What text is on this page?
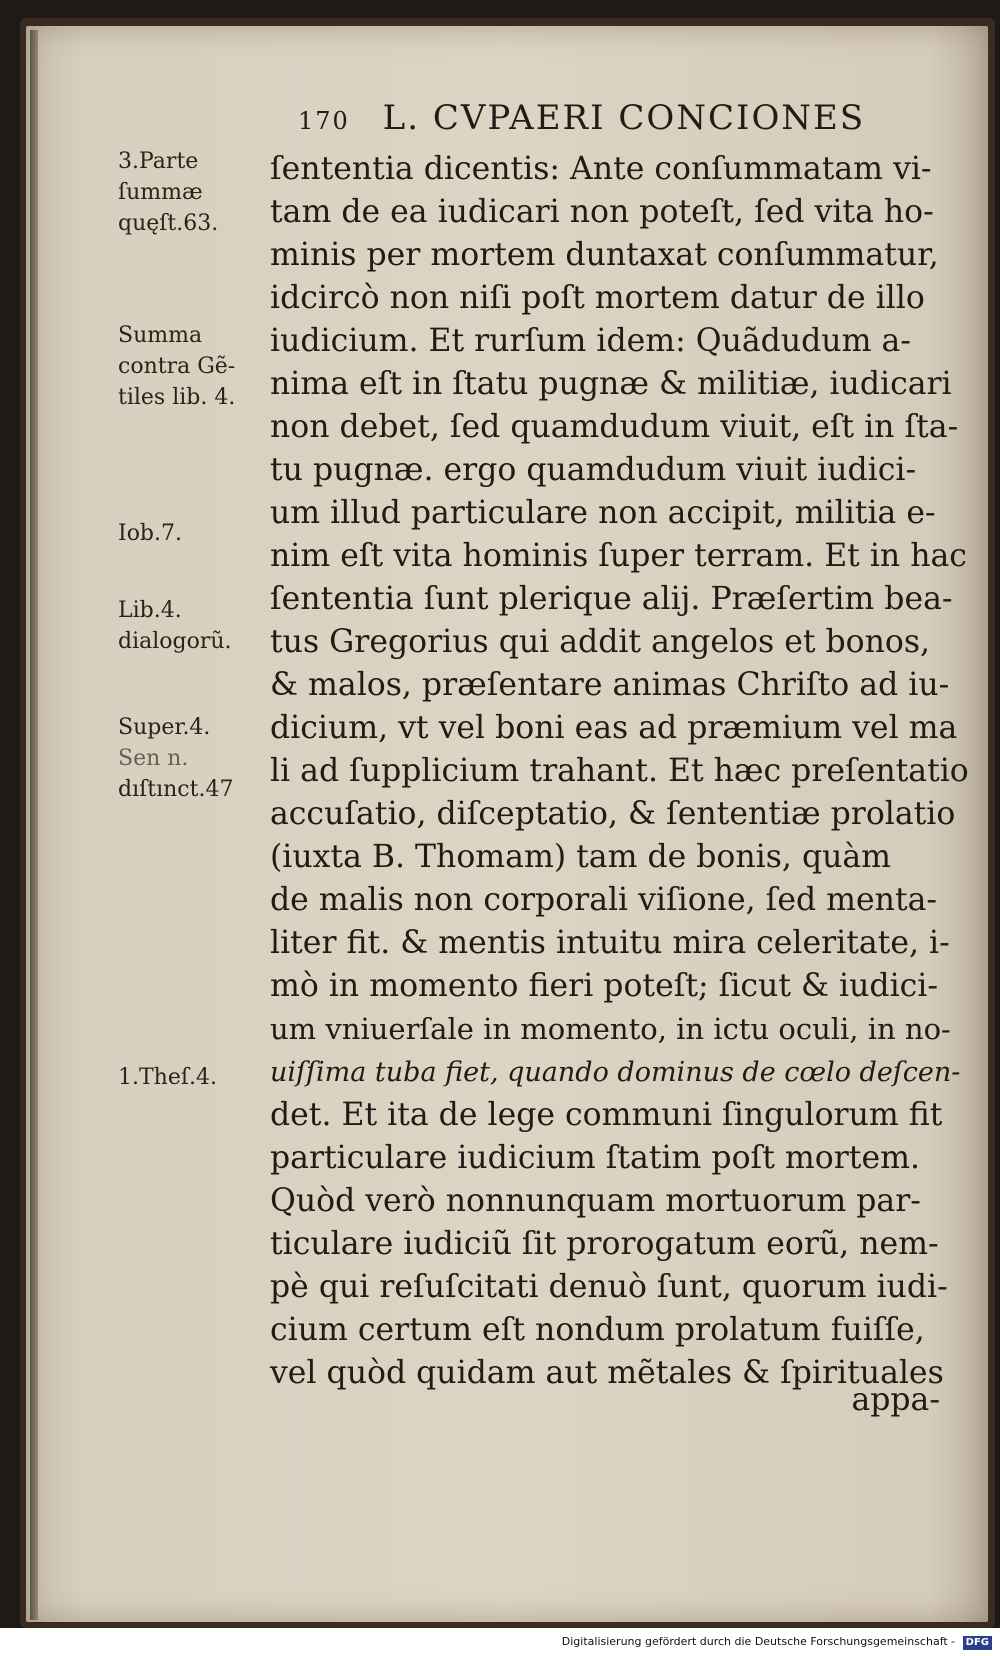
170 L. CVPAERI CONCIONES
3.Parte
ſummæ
quęſt.63.
Summa
contra Gẽ-
tiles lib. 4.
Iob.7.
Lib.4.
dialogorũ.
Super.4.
Sen n.
dıſtınct.47
1.Theſ.4.
ſententia dicentis: Ante conſummatam vi-
tam de ea iudicari non poteſt, ſed vita ho-
minis per mortem duntaxat conſummatur,
idcircò non niſi poſt mortem datur de illo
iudicium. Et rurſum idem: Quãdudum a-
nima eſt in ſtatu pugnæ & militiæ, iudicari
non debet, ſed quamdudum viuit, eſt in ſta-
tu pugnæ. ergo quamdudum viuit iudici-
um illud particulare non accipit, militia e-
nim eſt vita hominis ſuper terram. Et in hac
ſententia ſunt plerique alij. Præſertim bea-
tus Gregorius qui addit angelos et bonos,
& malos, præſentare animas Chriſto ad iu-
dicium, vt vel boni eas ad præmium vel ma
li ad ſupplicium trahant. Et hæc preſentatio
accuſatio, diſceptatio, & ſententiæ prolatio
(iuxta B. Thomam) tam de bonis, quàm
de malis non corporali viſione, ſed menta-
liter fit. & mentis intuitu mira celeritate, i-
mò in momento fieri poteſt; ſicut & iudici-
um vniuerſale in momento, in ictu oculi, in no-
uiſſima tuba fiet, quando dominus de cœlo deſcen-
det. Et ita de lege communi ſingulorum fit
particulare iudicium ſtatim poſt mortem.
Quòd verò nonnunquam mortuorum par-
ticulare iudiciũ ſit prorogatum eorũ, nem-
pè qui reſuſcitati denuò ſunt, quorum iudi-
cium certum eſt nondum prolatum fuiſſe,
vel quòd quidam aut mẽtales & ſpirituales
appa-
Digitalisierung gefördert durch die Deutsche Forschungsgemeinschaft - DFG
